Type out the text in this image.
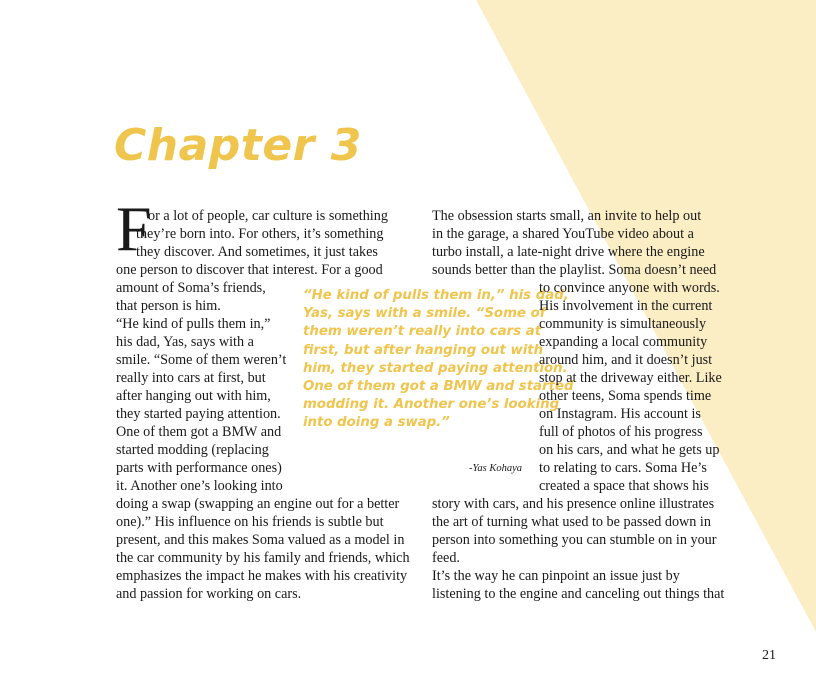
Chapter 3
F
or a lot of people, car culture is something
they’re born into. For others, it’s something
they discover. And sometimes, it just takes
one person to discover that interest. For a good
amount of Soma’s friends,
that person is him.
“He kind of pulls them in,”
his dad, Yas, says with a
smile. “Some of them weren’t
really into cars at first, but
after hanging out with him,
they started paying attention.
One of them got a BMW and
started modding (replacing
parts with performance ones)
it. Another one’s looking into
doing a swap (swapping an engine out for a better
one).” His influence on his friends is subtle but
present, and this makes Soma valued as a model in
the car community by his family and friends, which
emphasizes the impact he makes with his creativity
and passion for working on cars.
“He kind of pulls them in,” his dad,
Yas, says with a smile. “Some of
them weren’t really into cars at
first, but after hanging out with
him, they started paying attention.
One of them got a BMW and started
modding it. Another one’s looking
into doing a swap.”
-Yas Kohaya
The obsession starts small, an invite to help out
in the garage, a shared YouTube video about a
turbo install, a late-night drive where the engine
sounds better than the playlist. Soma doesn’t need
to convince anyone with words.
His involvement in the current
community is simultaneously
expanding a local community
around him, and it doesn’t just
stop at the driveway either. Like
other teens, Soma spends time
on Instagram. His account is
full of photos of his progress
on his cars, and what he gets up
to relating to cars. Soma He’s
created a space that shows his
story with cars, and his presence online illustrates
the art of turning what used to be passed down in
person into something you can stumble on in your
feed.
It’s the way he can pinpoint an issue just by
listening to the engine and canceling out things that
21
